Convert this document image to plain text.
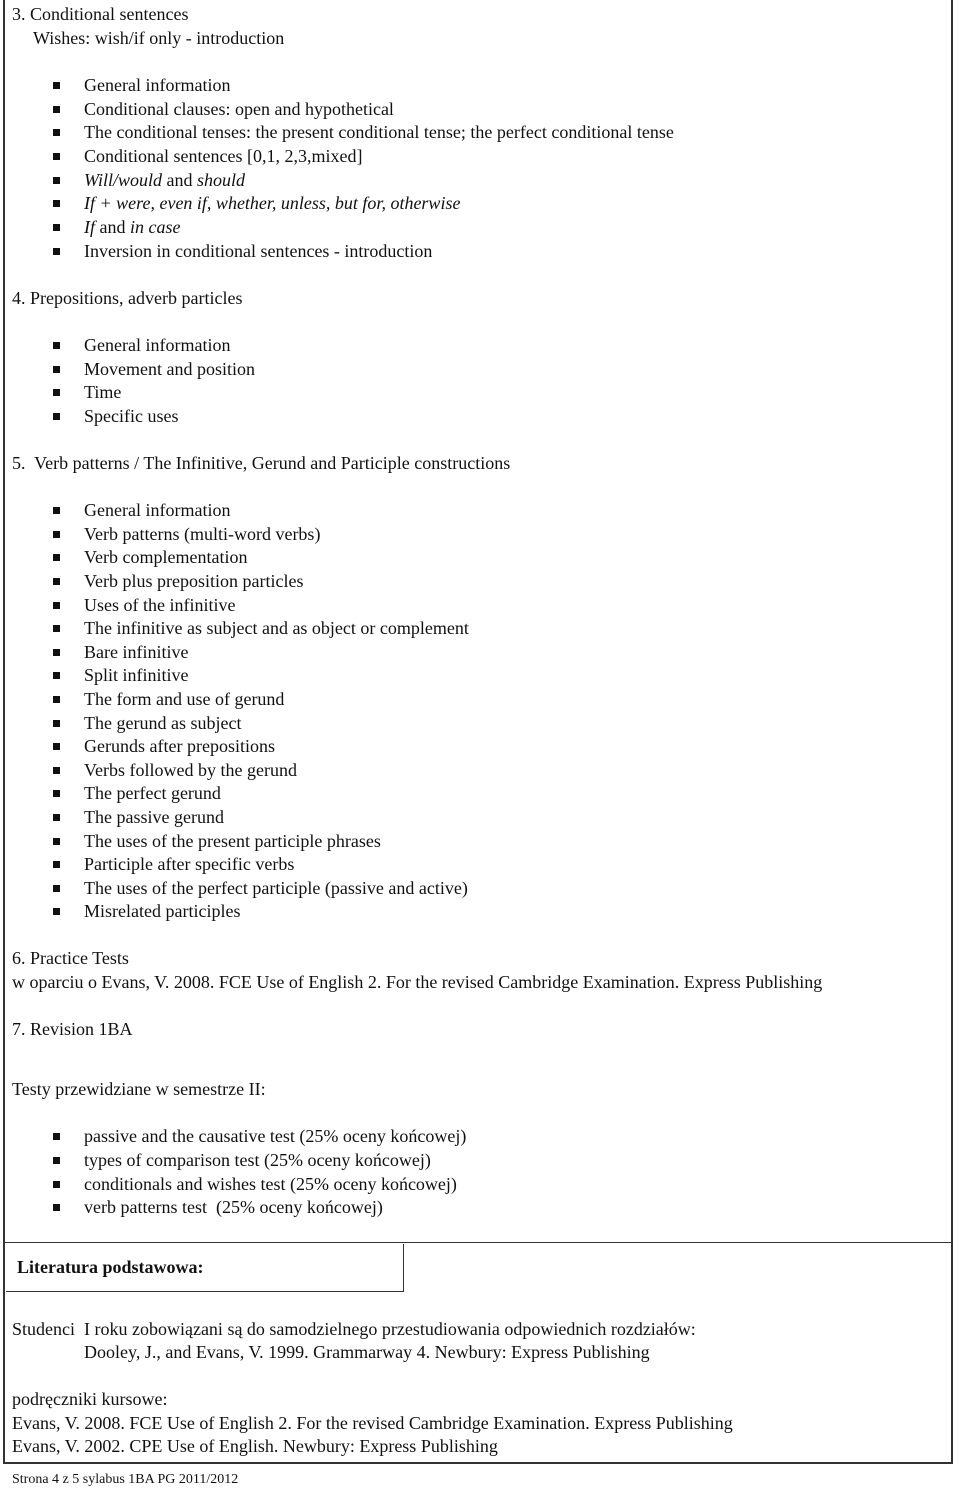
3. Conditional sentences
Wishes: wish/if only - introduction
General information
Conditional clauses: open and hypothetical
The conditional tenses: the present conditional tense; the perfect conditional tense
Conditional sentences [0,1, 2,3,mixed]
Will/would and should
If + were, even if, whether, unless, but for, otherwise
If and in case
Inversion in conditional sentences - introduction
4. Prepositions, adverb particles
General information
Movement and position
Time
Specific uses
5.  Verb patterns / The Infinitive, Gerund and Participle constructions
General information
Verb patterns (multi-word verbs)
Verb complementation
Verb plus preposition particles
Uses of the infinitive
The infinitive as subject and as object or complement
Bare infinitive
Split infinitive
The form and use of gerund
The gerund as subject
Gerunds after prepositions
Verbs followed by the gerund
The perfect gerund
The passive gerund
The uses of the present participle phrases
Participle after specific verbs
The uses of the perfect participle (passive and active)
Misrelated participles
6. Practice Tests
w oparciu o Evans, V. 2008. FCE Use of English 2. For the revised Cambridge Examination. Express Publishing
7. Revision 1BA
Testy przewidziane w semestrze II:
passive and the causative test (25% oceny końcowej)
types of comparison test (25% oceny końcowej)
conditionals and wishes test (25% oceny końcowej)
verb patterns test  (25% oceny końcowej)
Literatura podstawowa:
Studenci  I roku zobowiązani są do samodzielnego przestudiowania odpowiednich rozdziałów:
Dooley, J., and Evans, V. 1999. Grammarway 4. Newbury: Express Publishing
podręczniki kursowe:
Evans, V. 2008. FCE Use of English 2. For the revised Cambridge Examination. Express Publishing
Evans, V. 2002. CPE Use of English. Newbury: Express Publishing
Strona 4 z 5 sylabus 1BA PG 2011/2012
